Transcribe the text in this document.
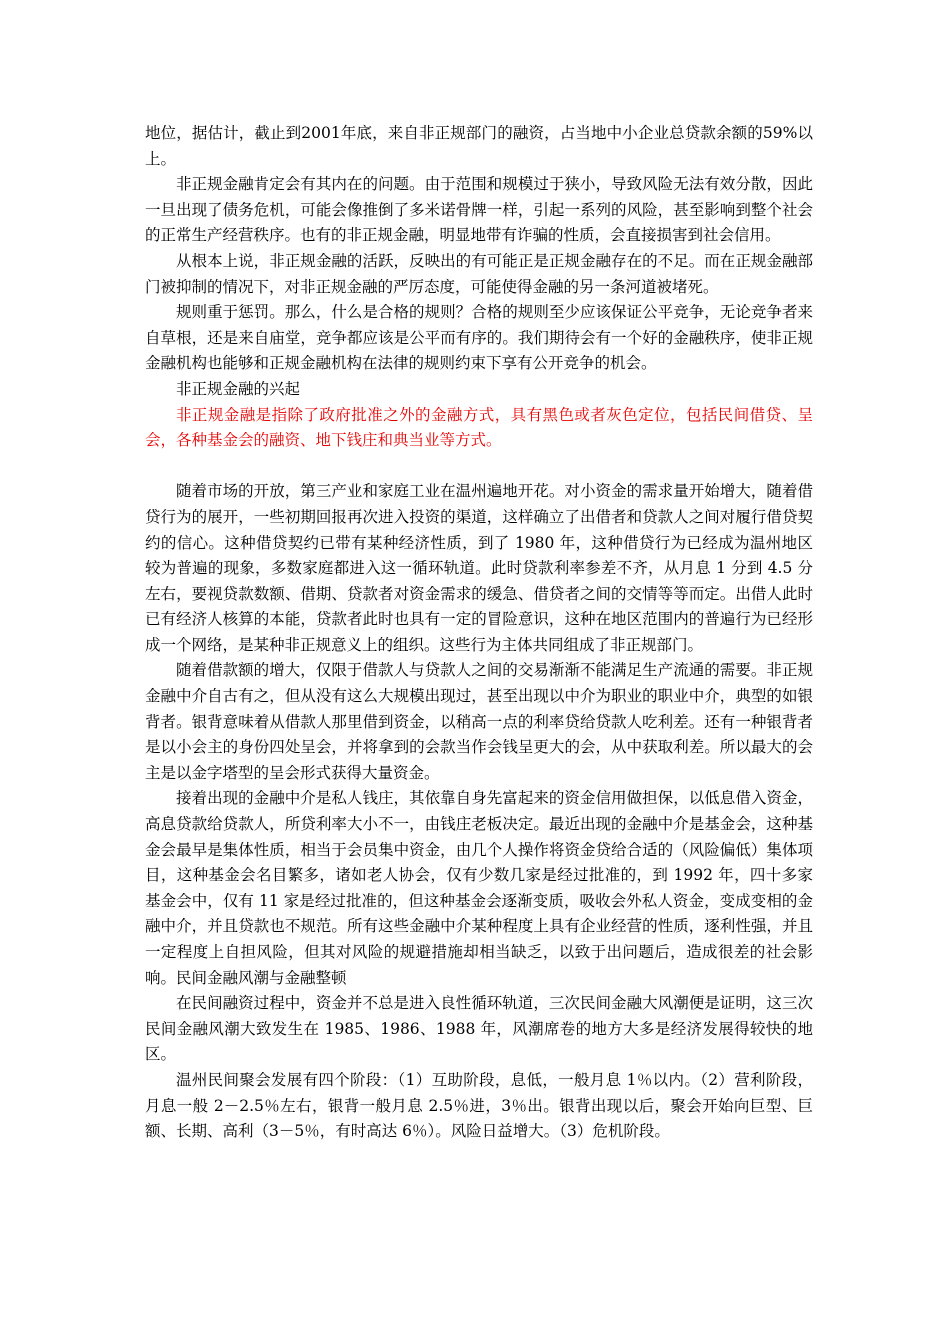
地位，据估计，截止到2001年底，来自非正规部门的融资，占当地中小企业总贷款余额的59%以上。

非正规金融肯定会有其内在的问题。由于范围和规模过于狭小，导致风险无法有效分散，因此一旦出现了债务危机，可能会像推倒了多米诺骨牌一样，引起一系列的风险，甚至影响到整个社会的正常生产经营秩序。也有的非正规金融，明显地带有诈骗的性质，会直接损害到社会信用。

从根本上说，非正规金融的活跃，反映出的有可能正是正规金融存在的不足。而在正规金融部门被抑制的情况下，对非正规金融的严厉态度，可能使得金融的另一条河道被堵死。

规则重于惩罚。那么，什么是合格的规则？合格的规则至少应该保证公平竞争，无论竞争者来自草根，还是来自庙堂，竞争都应该是公平而有序的。我们期待会有一个好的金融秩序，使非正规金融机构也能够和正规金融机构在法律的规则约束下享有公开竞争的机会。

非正规金融的兴起

非正规金融是指除了政府批准之外的金融方式，具有黑色或者灰色定位，包括民间借贷、呈会，各种基金会的融资、地下钱庄和典当业等方式。

随着市场的开放，第三产业和家庭工业在温州遍地开花。对小资金的需求量开始增大，随着借贷行为的展开，一些初期回报再次进入投资的渠道，这样确立了出借者和贷款人之间对履行借贷契约的信心。这种借贷契约已带有某种经济性质，到了 1980 年，这种借贷行为已经成为温州地区较为普遍的现象，多数家庭都进入这一循环轨道。此时贷款利率参差不齐，从月息 1 分到 4.5 分左右，要视贷款数额、借期、贷款者对资金需求的缓急、借贷者之间的交情等等而定。出借人此时已有经济人核算的本能，贷款者此时也具有一定的冒险意识，这种在地区范围内的普遍行为已经形成一个网络，是某种非正规意义上的组织。这些行为主体共同组成了非正规部门。

随着借款额的增大，仅限于借款人与贷款人之间的交易渐渐不能满足生产流通的需要。非正规金融中介自古有之，但从没有这么大规模出现过，甚至出现以中介为职业的职业中介，典型的如银背者。银背意味着从借款人那里借到资金，以稍高一点的利率贷给贷款人吃利差。还有一种银背者是以小会主的身份四处呈会，并将拿到的会款当作会钱呈更大的会，从中获取利差。所以最大的会主是以金字塔型的呈会形式获得大量资金。

接着出现的金融中介是私人钱庄，其依靠自身先富起来的资金信用做担保，以低息借入资金，高息贷款给贷款人，所贷利率大小不一，由钱庄老板决定。最近出现的金融中介是基金会，这种基金会最早是集体性质，相当于会员集中资金，由几个人操作将资金贷给合适的（风险偏低）集体项目，这种基金会名目繁多，诸如老人协会，仅有少数几家是经过批准的，到 1992 年，四十多家基金会中，仅有 11 家是经过批准的，但这种基金会逐渐变质，吸收会外私人资金，变成变相的金融中介，并且贷款也不规范。所有这些金融中介某种程度上具有企业经营的性质，逐利性强，并且一定程度上自担风险，但其对风险的规避措施却相当缺乏，以致于出问题后，造成很差的社会影响。民间金融风潮与金融整顿

在民间融资过程中，资金并不总是进入良性循环轨道，三次民间金融大风潮便是证明，这三次民间金融风潮大致发生在 1985、1986、1988 年，风潮席卷的地方大多是经济发展得较快的地区。

温州民间聚会发展有四个阶段：（1）互助阶段，息低，一般月息 1％以内。（2）营利阶段，月息一般 2－2.5％左右，银背一般月息 2.5％进，3％出。银背出现以后，聚会开始向巨型、巨额、长期、高利（3－5％，有时高达 6％）。风险日益增大。（3）危机阶段。
